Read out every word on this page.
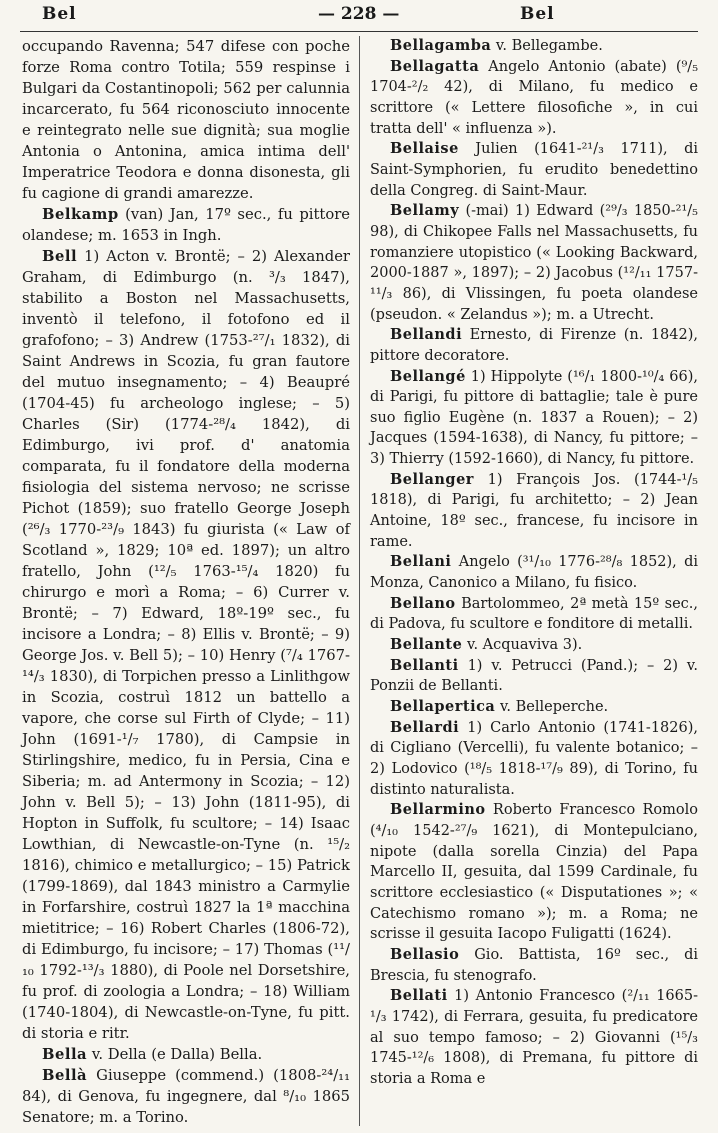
Bel	— 228 —	Bel

occupando Ravenna; 547 difese con poche forze Roma contro Totila; 559 respinse i Bulgari da Costantinopoli; 562 per calunnia incarcerato, fu 564 riconosciuto innocente e reintegrato nelle sue dignità; sua moglie Antonia o Antonina, amica intima dell' Imperatrice Teodora e donna disonesta, gli fu cagione di grandi amarezze.

Belkamp (van) Jan, 17º sec., fu pittore olandese; m. 1653 in Ingh.

Bell 1) Acton v. Brontë; – 2) Alexander Graham, di Edimburgo (n. ³/₃ 1847), stabilito a Boston nel Massachusetts, inventò il telefono, il fotofono ed il grafofono; – 3) Andrew (1753-²⁷/₁ 1832), di Saint Andrews in Scozia, fu gran fautore del mutuo insegnamento; – 4) Beaupré (1704-45) fu archeologo inglese; – 5) Charles (Sir) (1774-²⁸/₄ 1842), di Edimburgo, ivi prof. d' anatomia comparata, fu il fondatore della moderna fisiologia del sistema nervoso; ne scrisse Pichot (1859); suo fratello George Joseph (²⁶/₃ 1770-²³/₉ 1843) fu giurista (« Law of Scotland », 1829; 10ª ed. 1897); un altro fratello, John (¹²/₅ 1763-¹⁵/₄ 1820) fu chirurgo e morì a Roma; – 6) Currer v. Brontë; – 7) Edward, 18º-19º sec., fu incisore a Londra; – 8) Ellis v. Brontë; – 9) George Jos. v. Bell 5); – 10) Henry (⁷/₄ 1767-¹⁴/₃ 1830), di Torpichen presso a Linlithgow in Scozia, costruì 1812 un battello a vapore, che corse sul Firth of Clyde; – 11) John (1691-¹/₇ 1780), di Campsie in Stirlingshire, medico, fu in Persia, Cina e Siberia; m. ad Antermony in Scozia; – 12) John v. Bell 5); – 13) John (1811-95), di Hopton in Suffolk, fu scultore; – 14) Isaac Lowthian, di Newcastle-on-Tyne (n. ¹⁵/₂ 1816), chimico e metallurgico; – 15) Patrick (1799-1869), dal 1843 ministro a Carmylie in Forfarshire, costruì 1827 la 1ª macchina mietitrice; – 16) Robert Charles (1806-72), di Edimburgo, fu incisore; – 17) Thomas (¹¹/₁₀ 1792-¹³/₃ 1880), di Poole nel Dorsetshire, fu prof. di zoologia a Londra; – 18) William (1740-1804), di Newcastle-on-Tyne, fu pitt. di storia e ritr.

Bella v. Della (e Dalla) Bella.

Bellà Giuseppe (commend.) (1808-²⁴/₁₁ 84), di Genova, fu ingegnere, dal ⁸/₁₀ 1865 Senatore; m. a Torino.

Bellagamba v. Bellegambe.

Bellagatta Angelo Antonio (abate) (⁹/₅ 1704-²/₂ 42), di Milano, fu medico e scrittore (« Lettere filosofiche », in cui tratta dell' « influenza »).

Bellaise Julien (1641-²¹/₃ 1711), di Saint-Symphorien, fu erudito benedettino della Congreg. di Saint-Maur.

Bellamy (-mai) 1) Edward (²⁹/₃ 1850-²¹/₅ 98), di Chikopee Falls nel Massachusetts, fu romanziere utopistico (« Looking Backward, 2000-1887 », 1897); – 2) Jacobus (¹²/₁₁ 1757-¹¹/₃ 86), di Vlissingen, fu poeta olandese (pseudon. « Zelandus »); m. a Utrecht.

Bellandi Ernesto, di Firenze (n. 1842), pittore decoratore.

Bellangé 1) Hippolyte (¹⁶/₁ 1800-¹⁰/₄ 66), di Parigi, fu pittore di battaglie; tale è pure suo figlio Eugène (n. 1837 a Rouen); – 2) Jacques (1594-1638), di Nancy, fu pittore; – 3) Thierry (1592-1660), di Nancy, fu pittore.

Bellanger 1) François Jos. (1744-¹/₅ 1818), di Parigi, fu architetto; – 2) Jean Antoine, 18º sec., francese, fu incisore in rame.

Bellani Angelo (³¹/₁₀ 1776-²⁸/₈ 1852), di Monza, Canonico a Milano, fu fisico.

Bellano Bartolommeo, 2ª metà 15º sec., di Padova, fu scultore e fonditore di metalli.

Bellante v. Acquaviva 3).

Bellanti 1) v. Petrucci (Pand.); – 2) v. Ponzii de Bellanti.

Bellapertica v. Belleperche.

Bellardi 1) Carlo Antonio (1741-1826), di Cigliano (Vercelli), fu valente botanico; – 2) Lodovico (¹⁸/₅ 1818-¹⁷/₉ 89), di Torino, fu distinto naturalista.

Bellarmino Roberto Francesco Romolo (⁴/₁₀ 1542-²⁷/₉ 1621), di Montepulciano, nipote (dalla sorella Cinzia) del Papa Marcello II, gesuita, dal 1599 Cardinale, fu scrittore ecclesiastico (« Disputationes »; « Catechismo romano »); m. a Roma; ne scrisse il gesuita Iacopo Fuligatti (1624).

Bellasio Gio. Battista, 16º sec., di Brescia, fu stenografo.

Bellati 1) Antonio Francesco (²/₁₁ 1665-¹/₃ 1742), di Ferrara, gesuita, fu predicatore al suo tempo famoso; – 2) Giovanni (¹⁵/₃ 1745-¹²/₆ 1808), di Premana, fu pittore di storia a Roma e
